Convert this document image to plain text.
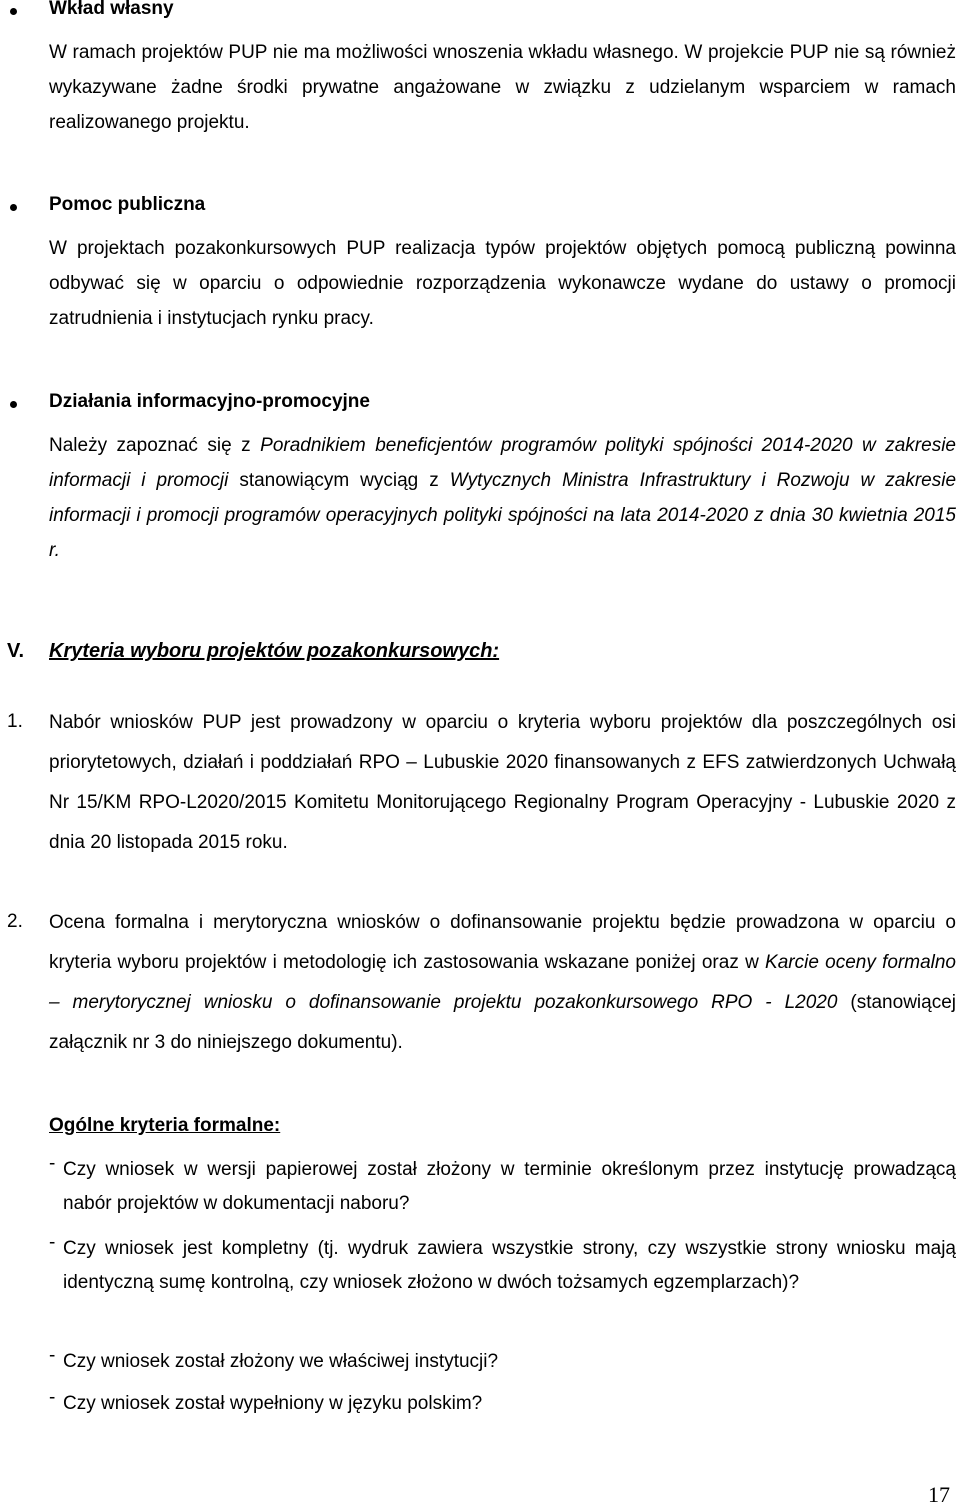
Wkład własny

W ramach projektów PUP nie ma możliwości wnoszenia wkładu własnego. W projekcie PUP nie są również wykazywane żadne środki prywatne angażowane w związku z udzielanym wsparciem w ramach realizowanego projektu.

Pomoc publiczna

W projektach pozakonkursowych PUP realizacja typów projektów objętych pomocą publiczną powinna odbywać się w oparciu o odpowiednie rozporządzenia wykonawcze wydane do ustawy o promocji zatrudnienia i instytucjach rynku pracy.

Działania informacyjno-promocyjne

Należy zapoznać się z Poradnikiem beneficjentów programów polityki spójności 2014-2020 w zakresie informacji i promocji stanowiącym wyciąg z Wytycznych Ministra Infrastruktury i Rozwoju w zakresie informacji i promocji programów operacyjnych polityki spójności na lata 2014-2020 z dnia 30 kwietnia 2015 r.

V. Kryteria wyboru projektów pozakonkursowych:
1. Nabór wniosków PUP jest prowadzony w oparciu o kryteria wyboru projektów dla poszczególnych osi priorytetowych, działań i poddziałań RPO – Lubuskie 2020 finansowanych z EFS zatwierdzonych Uchwałą Nr 15/KM RPO-L2020/2015 Komitetu Monitorującego Regionalny Program Operacyjny - Lubuskie 2020 z dnia 20 listopada 2015 roku.

2. Ocena formalna i merytoryczna wniosków o dofinansowanie projektu będzie prowadzona w oparciu o kryteria wyboru projektów i metodologię ich zastosowania wskazane poniżej oraz w Karcie oceny formalno – merytorycznej wniosku o dofinansowanie projektu pozakonkursowego RPO - L2020 (stanowiącej załącznik nr 3 do niniejszego dokumentu).

Ogólne kryteria formalne:
- Czy wniosek w wersji papierowej został złożony w terminie określonym przez instytucję prowadzącą nabór projektów w dokumentacji naboru?

- Czy wniosek jest kompletny (tj. wydruk zawiera wszystkie strony, czy wszystkie strony wniosku mają identyczną sumę kontrolną, czy wniosek złożono w dwóch tożsamych egzemplarzach)?

- Czy wniosek został złożony we właściwej instytucji?

- Czy wniosek został wypełniony w języku polskim?

17
